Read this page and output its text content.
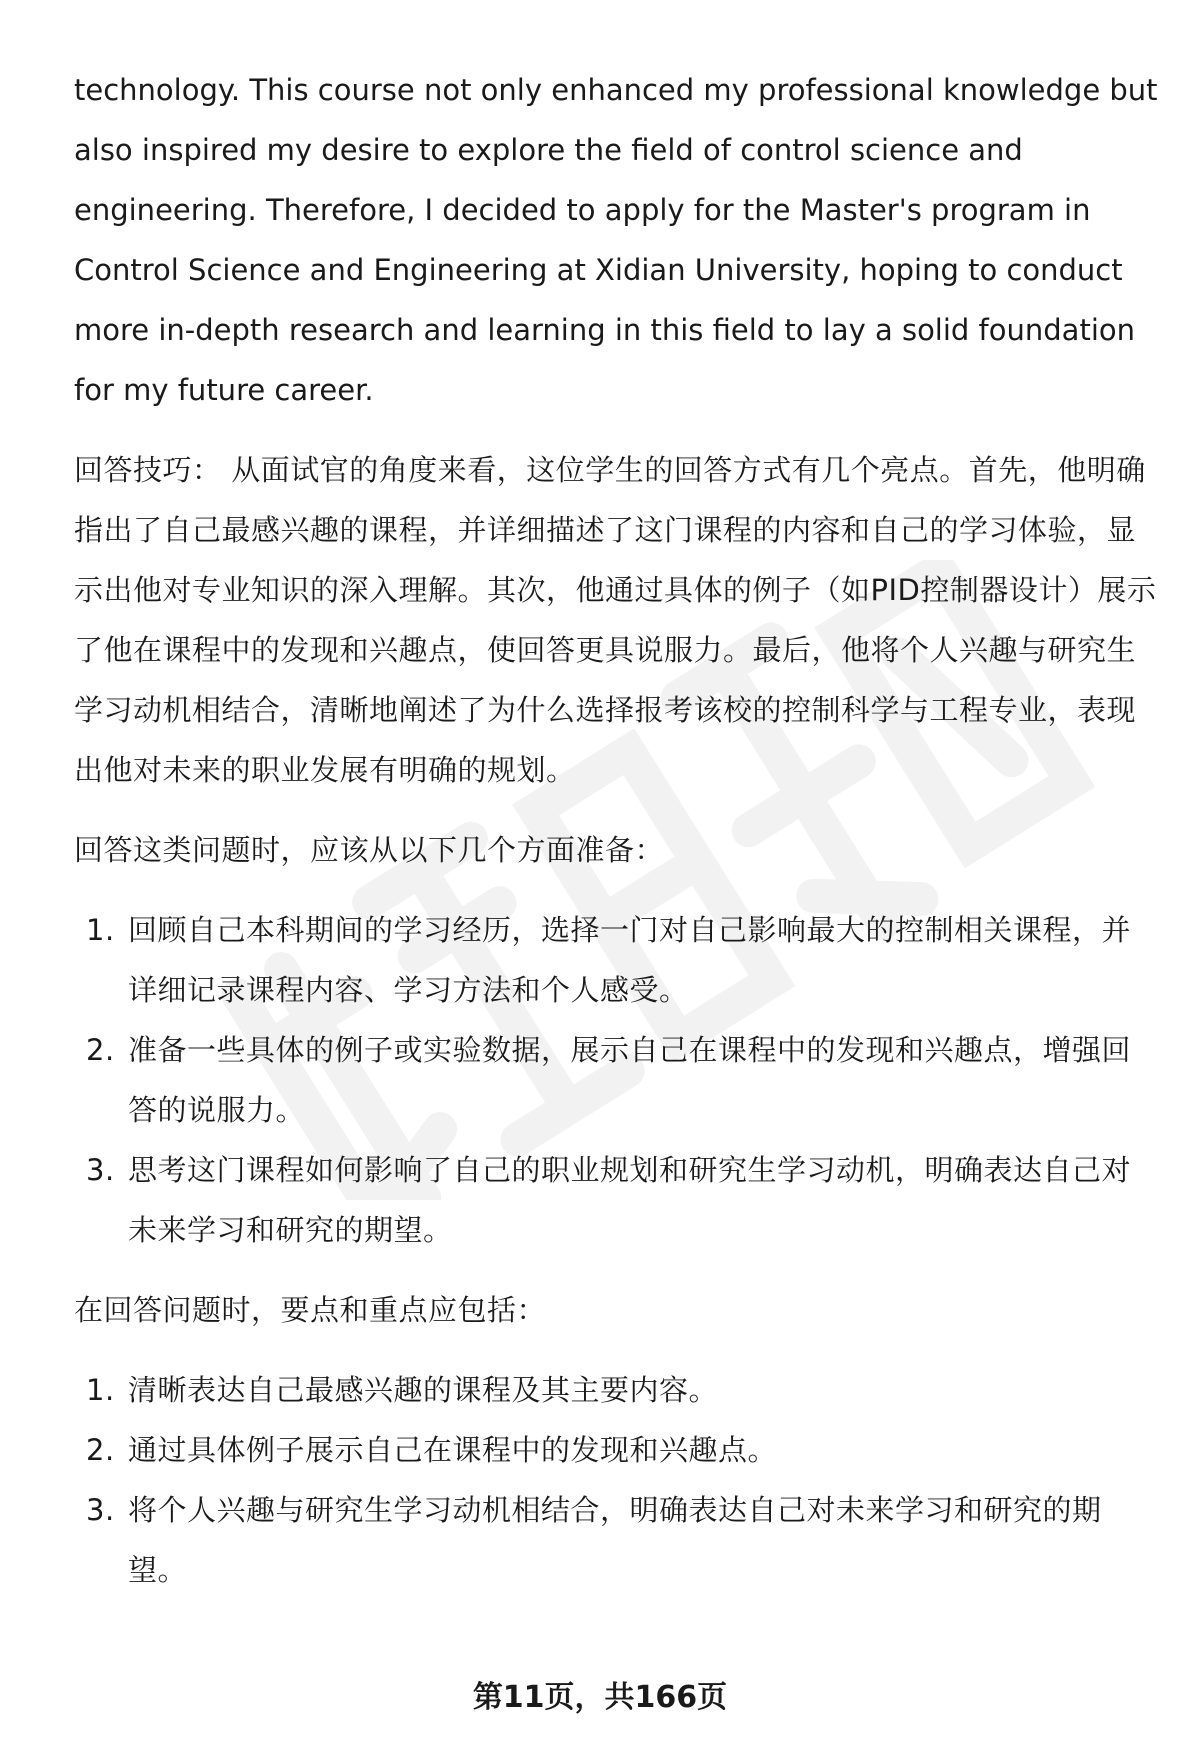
technology. This course not only enhanced my professional knowledge but also inspired my desire to explore the field of control science and engineering. Therefore, I decided to apply for the Master's program in Control Science and Engineering at Xidian University, hoping to conduct more in-depth research and learning in this field to lay a solid foundation for my future career.

回答技巧： 从面试官的角度来看，这位学生的回答方式有几个亮点。首先，他明确指出了自己最感兴趣的课程，并详细描述了这门课程的内容和自己的学习体验，显示出他对专业知识的深入理解。其次，他通过具体的例子（如PID控制器设计）展示了他在课程中的发现和兴趣点，使回答更具说服力。最后，他将个人兴趣与研究生学习动机相结合，清晰地阐述了为什么选择报考该校的控制科学与工程专业，表现出他对未来的职业发展有明确的规划。

回答这类问题时，应该从以下几个方面准备：

1. 回顾自己本科期间的学习经历，选择一门对自己影响最大的控制相关课程，并详细记录课程内容、学习方法和个人感受。
2. 准备一些具体的例子或实验数据，展示自己在课程中的发现和兴趣点，增强回答的说服力。
3. 思考这门课程如何影响了自己的职业规划和研究生学习动机，明确表达自己对未来学习和研究的期望。

在回答问题时，要点和重点应包括：

1. 清晰表达自己最感兴趣的课程及其主要内容。
2. 通过具体例子展示自己在课程中的发现和兴趣点。
3. 将个人兴趣与研究生学习动机相结合，明确表达自己对未来学习和研究的期望。
第11页，共166页
